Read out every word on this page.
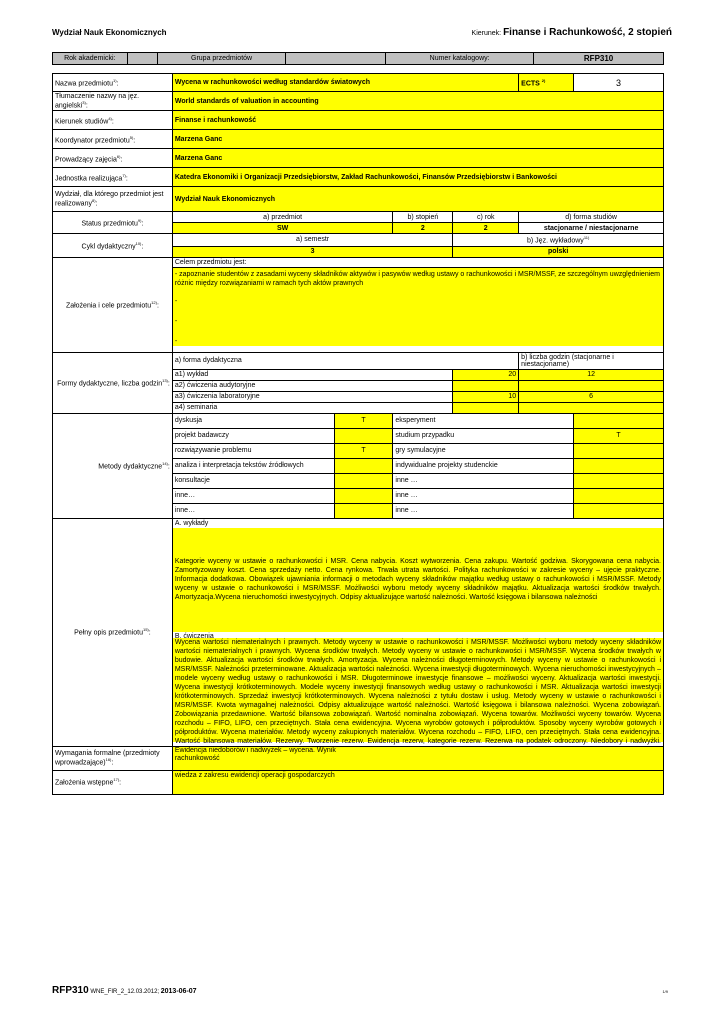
Wydział Nauk Ekonomicznych	Kierunek: Finanse i Rachunkowość, 2 stopień
Rok akademicki:		Grupa przedmiotów		Numer katalogowy:	RFP310
Nazwa przedmiotu$^{1)}$:	Wycena w rachunkowości według standardów światowych				ECTS $^{2)}$	3
Tłumaczenie nazwy na jęz. angielski$^{3)}$:	World standards of valuation in accounting					
Kierunek studiów$^{4)}$:	Finanse i rachunkowość					
Koordynator przedmiotu$^{5)}$:	Marzena Ganc					
Prowadzący zajęcia$^{6)}$:	Marzena Ganc					
Jednostka realizująca$^{7)}$:	Katedra Ekonomiki i Organizacji Przedsiębiorstw, Zakład Rachunkowości, Finansów Przedsiębiorstw i Bankowości					
Wydział, dla którego przedmiot jest realizowany$^{8)}$:	Wydział Nauk Ekonomicznych					
Status przedmiotu$^{9)}$:	a) przedmiot		b) stopień	c) rok	d) forma studiów	
	SW		2	2	stacjonarne / niestacjonarne	
Cykl dydaktyczny$^{10)}$:	a) semestr			b) Jęz. wykładowy$^{11)}$
	3			polski		
Założenia i cele przedmiotu$^{12)}$:	Celem przedmiotu jest:
- zapoznanie studentów z zasadami wyceny składników aktywów i pasywów według ustawy o rachunkowości i MSR/MSSF, ze szczególnym uwzględnieniem różnic między rozwiązaniami w ramach tych aktów prawnych
-
-
-					

Formy dydaktyczne, liczba godzin$^{13)}$:	a) forma dydaktyczna				b) liczba godzin (stacjonarne i niestacjonarne)	
	a1) wykład			20	12
	a2) ćwiczenia audytoryjne					
	a3) ćwiczenia laboratoryjne			10	6	
	a4) seminaria					
Metody dydaktyczne$^{14)}$:	dyskusja	T	eksperyment			
	projekt badawczy		studium przypadku			T
	rozwiązywanie problemu	T	gry symulacyjne			
	analiza i interpretacja tekstów źródłowych		indywidualne projekty studenckie			
	konsultacje		inne …			
	inne…		inne …			
	inne…		inne …			
Pełny opis przedmiotu$^{15)}$:	A. wykłady
Kategorie wyceny w ustawie o rachunkowości i MSR. Cena nabycia. Koszt wytworzenia. Cena zakupu. Wartość godziwa. Skorygowana cena nabycia. Zamortyzowany koszt. Cena sprzedaży netto. Cena rynkowa. Trwała utrata wartości. Polityka rachunkowości w zakresie wyceny – ujęcie praktyczne. Informacja dodatkowa. Obowiązek ujawniania informacji o metodach wyceny składników majątku według ustawy o rachunkowości i MSR/MSSF. Metody wyceny w ustawie o rachunkowości i MSR/MSSF. Możliwości wyboru metody wyceny składników majątku. Aktualizacja wartości środków trwałych. Amortyzacja.Wycena nieruchomości inwestycyjnych. Odpisy aktualizujące wartość należności. Wartość księgowa i bilansowa należności
B. ćwiczenia
Wycena wartości niematerialnych i prawnych. Metody wyceny w ustawie o rachunkowości i MSR/MSSF. Możliwości wyboru metody wyceny składników wartości niematerialnych i prawnych. Wycena środków trwałych. Metody wyceny w ustawie o rachunkowości i MSR/MSSF. Wycena środków trwałych w budowie. Aktualizacja wartości środków trwałych. Amortyzacja. Wycena należności długoterminowych. Metody wyceny w ustawie o rachunkowości i MSR/MSSF. Należności przeterminowane. Aktualizacja wartości należności. Wycena inwestycji długoterminowych. Wycena nieruchomości inwestycyjnych – modele wyceny według ustawy o rachunkowości i MSR. Długoterminowe inwestycje finansowe – możliwości wyceny. Aktualizacja wartości inwestycji. Wycena inwestycji krótkoterminowych. Modele wyceny inwestycji finansowych według ustawy o rachunkowości i MSR. Aktualizacja wartości inwestycji krótkoterminowych. Sprzedaż inwestycji krótkoterminowych. Wycena należności z tytułu dostaw i usług. Metody wyceny w ustawie o rachunkowości i MSR/MSSF. Kwota wymagalnej należności. Odpisy aktualizujące wartość należności. Wartość księgowa i bilansowa należności. Wycena zobowiązań. Zobowiązania przedawnione. Wartość bilansowa zobowiązań. Wartość nominalna zobowiązań. Wycena towarów. Możliwości wyceny towarów. Wycena rozchodu – FIFO, LIFO, cen przeciętnych. Stała cena ewidencyjna. Wycena wyrobów gotowych i półproduktów. Sposoby wyceny wyrobów gotowych i półproduktów. Wycena materiałów. Metody wyceny zakupionych materiałów. Wycena rozchodu – FIFO, LIFO, cen przeciętnych. Stała cena ewidencyjna. Wartość bilansowa materiałów. Rezerwy. Tworzenie rezerw. Ewidencja rezerw, kategorie rezerw. Rezerwa na podatek odroczony. Niedobory i nadwyżki. Ewidencja niedoborów i nadwyżek – wycena. Wynik					

Wymagania formalne (przedmioty wprowadzające)$^{16)}$:	rachunkowość					
Założenia wstępne$^{17)}$:	wiedza z zakresu ewidencji operacji gospodarczych					
RFP310 WNE_FIR_2_12.03.2012; 2013-06-07	1/9
